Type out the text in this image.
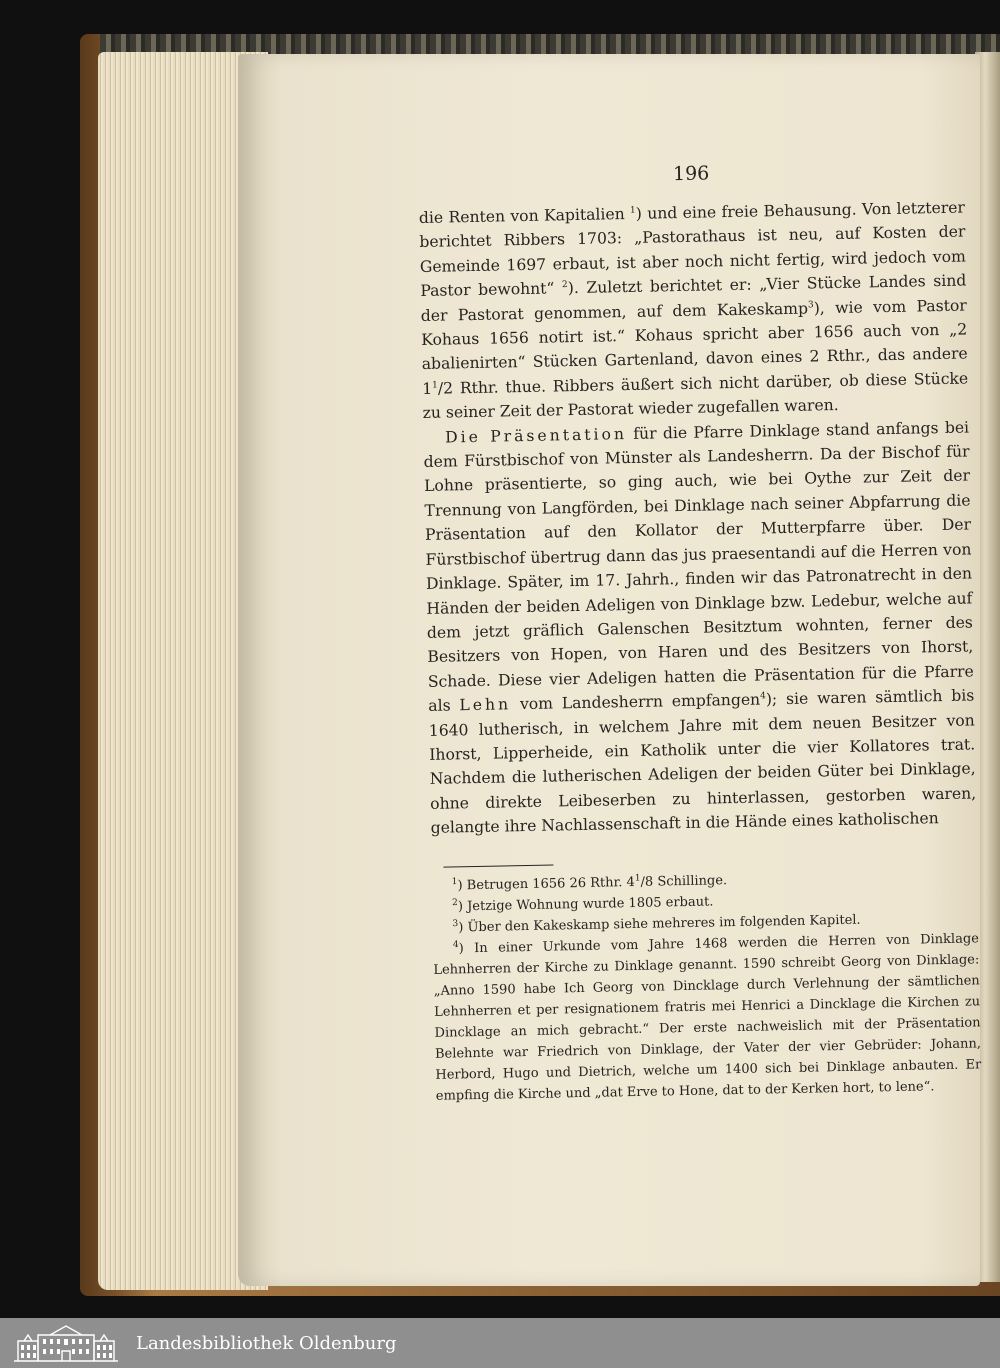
196

die Renten von Kapitalien $^1$) und eine freie Behausung. Von letzterer berichtet Ribbers 1703: „Pastorathaus ist neu, auf Kosten der Gemeinde 1697 erbaut, ist aber noch nicht fertig, wird jedoch vom Pastor bewohnt“ $^2$). Zuletzt berichtet er: „Vier Stücke Landes sind der Pastorat genommen, auf dem Kakeskamp$^3$), wie vom Pastor Kohaus 1656 notirt ist.“ Kohaus spricht aber 1656 auch von „2 abalienirten“ Stücken Gartenland, davon eines 2 Rthr., das andere $1^1/2$ Rthr. thue. Ribbers äußert sich nicht darüber, ob diese Stücke zu seiner Zeit der Pastorat wieder zugefallen waren.

Die Präsentation für die Pfarre Dinklage stand anfangs bei dem Fürstbischof von Münster als Landesherrn. Da der Bischof für Lohne präsentierte, so ging auch, wie bei Oythe zur Zeit der Trennung von Langförden, bei Dinklage nach seiner Abpfarrung die Präsentation auf den Kollator der Mutterpfarre über. Der Fürstbischof übertrug dann das jus praesentandi auf die Herren von Dinklage. Später, im 17. Jahrh., finden wir das Patronatrecht in den Händen der beiden Adeligen von Dinklage bzw. Ledebur, welche auf dem jetzt gräflich Galenschen Besitztum wohnten, ferner des Besitzers von Hopen, von Haren und des Besitzers von Ihorst, Schade. Diese vier Adeligen hatten die Präsentation für die Pfarre als Lehn vom Landesherrn empfangen$^4$); sie waren sämtlich bis 1640 lutherisch, in welchem Jahre mit dem neuen Besitzer von Ihorst, Lipperheide, ein Katholik unter die vier Kollatores trat. Nachdem die lutherischen Adeligen der beiden Güter bei Dinklage, ohne direkte Leibeserben zu hinterlassen, gestorben waren, gelangte ihre Nachlassenschaft in die Hände eines katholischen

$^1$) Betrugen 1656 26 Rthr. $4^1/8$ Schillinge.

$^2$) Jetzige Wohnung wurde 1805 erbaut.

$^3$) Über den Kakeskamp siehe mehreres im folgenden Kapitel.

$^4$) In einer Urkunde vom Jahre 1468 werden die Herren von Dinklage Lehnherren der Kirche zu Dinklage genannt. 1590 schreibt Georg von Dinklage: „Anno 1590 habe Ich Georg von Dincklage durch Verlehnung der sämtlichen Lehnherren et per resignationem fratris mei Henrici a Dincklage die Kirchen zu Dincklage an mich gebracht.“ Der erste nachweislich mit der Präsentation Belehnte war Friedrich von Dinklage, der Vater der vier Gebrüder: Johann, Herbord, Hugo und Dietrich, welche um 1400 sich bei Dinklage anbauten. Er empfing die Kirche und „dat Erve to Hone, dat to der Kerken hort, to lene“.

Landesbibliothek Oldenburg
